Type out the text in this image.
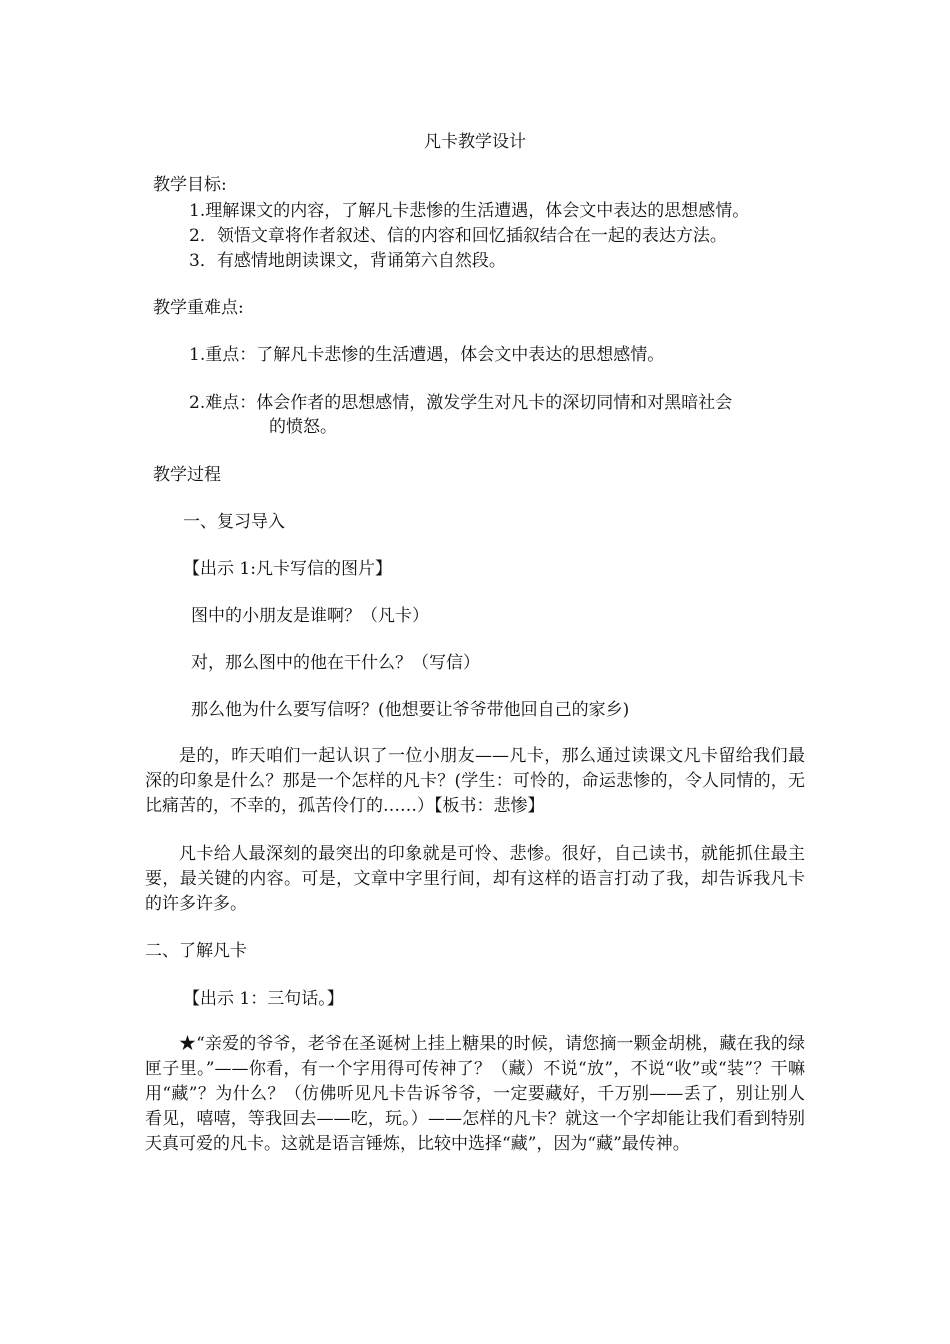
凡卡教学设计
教学目标:
1.理解课文的内容，了解凡卡悲惨的生活遭遇，体会文中表达的思想感情。
2．领悟文章将作者叙述、信的内容和回忆插叙结合在一起的表达方法。
3．有感情地朗读课文，背诵第六自然段。
教学重难点:
1.重点：了解凡卡悲惨的生活遭遇，体会文中表达的思想感情。
2.难点：体会作者的思想感情，激发学生对凡卡的深切同情和对黑暗社会
的愤怒。
教学过程
一、复习导入
【出示 1:凡卡写信的图片】
图中的小朋友是谁啊？（凡卡）
对，那么图中的他在干什么？（写信）
那么他为什么要写信呀？(他想要让爷爷带他回自己的家乡)
是的，昨天咱们一起认识了一位小朋友——凡卡，那么通过读课文凡卡留给我们最深的印象是什么？那是一个怎样的凡卡？(学生：可怜的，命运悲惨的，令人同情的，无比痛苦的，不幸的，孤苦伶仃的……）【板书：悲惨】
凡卡给人最深刻的最突出的印象就是可怜、悲惨。很好，自己读书，就能抓住最主要，最关键的内容。可是，文章中字里行间，却有这样的语言打动了我，却告诉我凡卡的许多许多。
二、了解凡卡
【出示 1：三句话。】
★“亲爱的爷爷，老爷在圣诞树上挂上糖果的时候，请您摘一颗金胡桃，藏在我的绿匣子里。”——你看，有一个字用得可传神了？（藏）不说“放”，不说“收”或“装”？干嘛用“藏”？为什么？（仿佛听见凡卡告诉爷爷，一定要藏好，千万别——丢了，别让别人看见，嘻嘻，等我回去——吃，玩。）——怎样的凡卡？就这一个字却能让我们看到特别天真可爱的凡卡。这就是语言锤炼，比较中选择“藏”，因为“藏”最传神。
